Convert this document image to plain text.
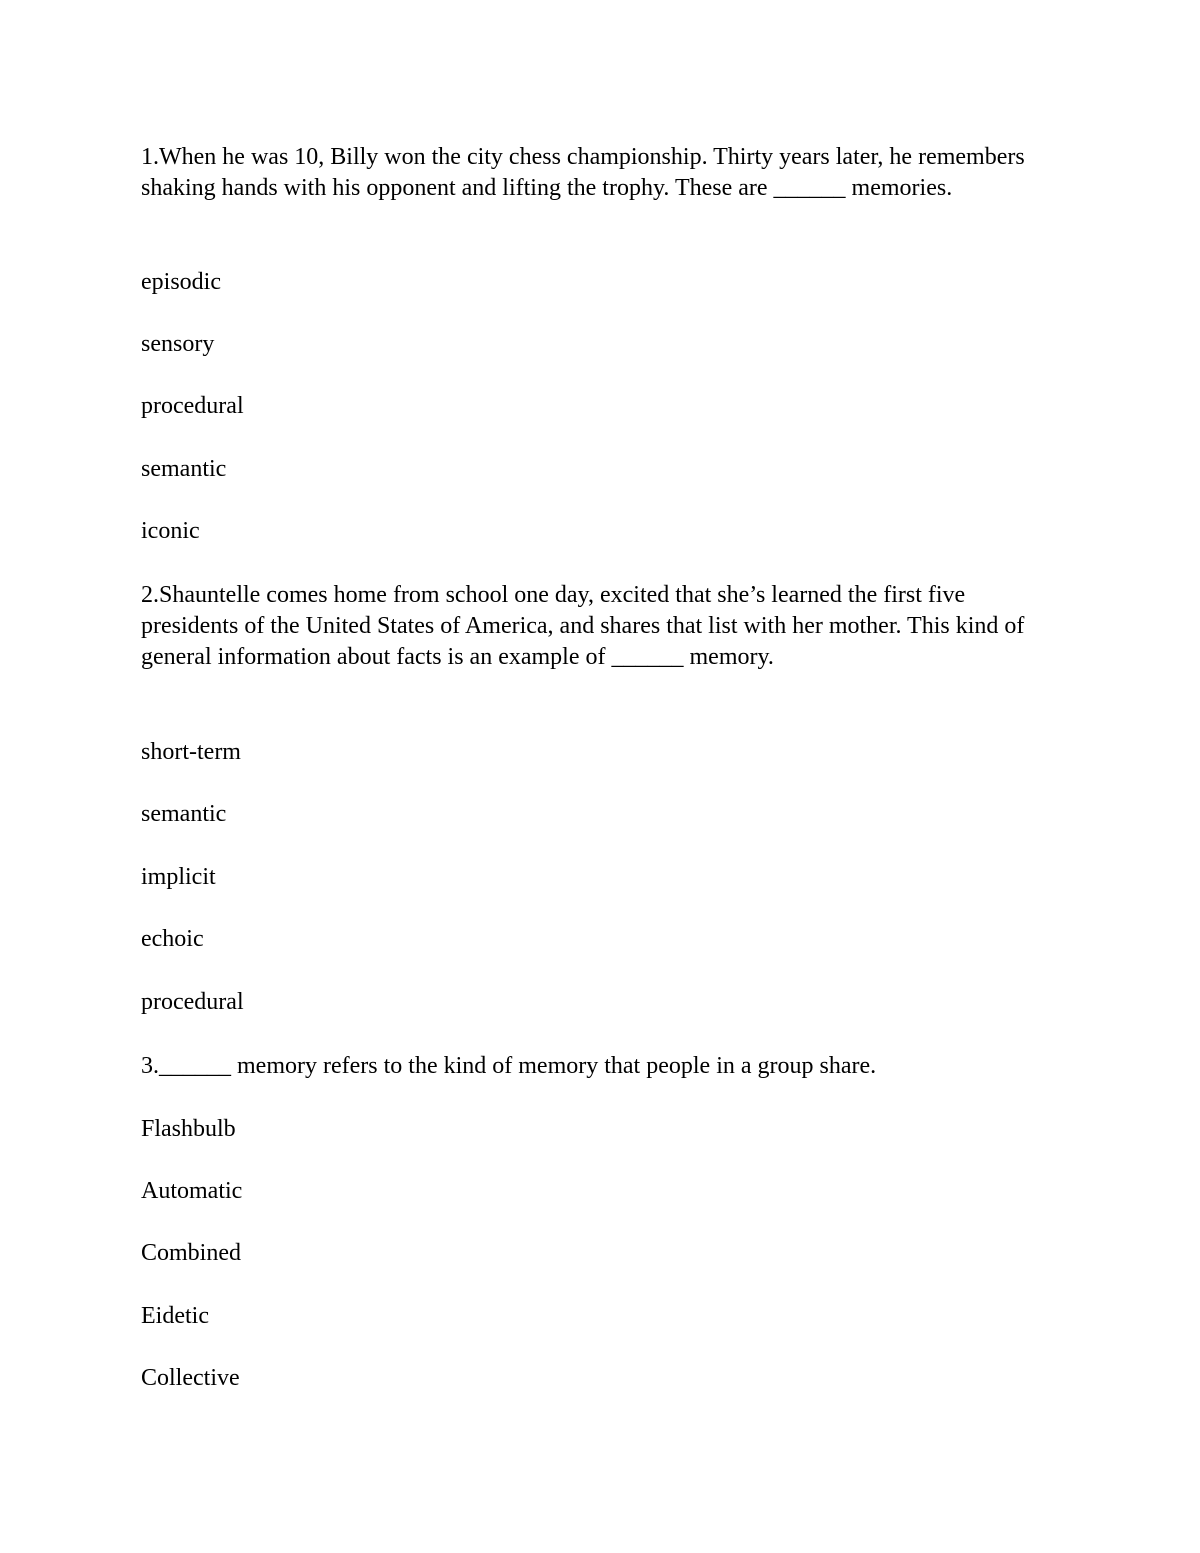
1.When he was 10, Billy won the city chess championship. Thirty years later, he remembers shaking hands with his opponent and lifting the trophy. These are ______ memories.

episodic

sensory

procedural

semantic

iconic

2.Shauntelle comes home from school one day, excited that she’s learned the first five presidents of the United States of America, and shares that list with her mother. This kind of general information about facts is an example of ______ memory.

short-term

semantic

implicit

echoic

procedural

3.______ memory refers to the kind of memory that people in a group share.

Flashbulb

Automatic

Combined

Eidetic

Collective
